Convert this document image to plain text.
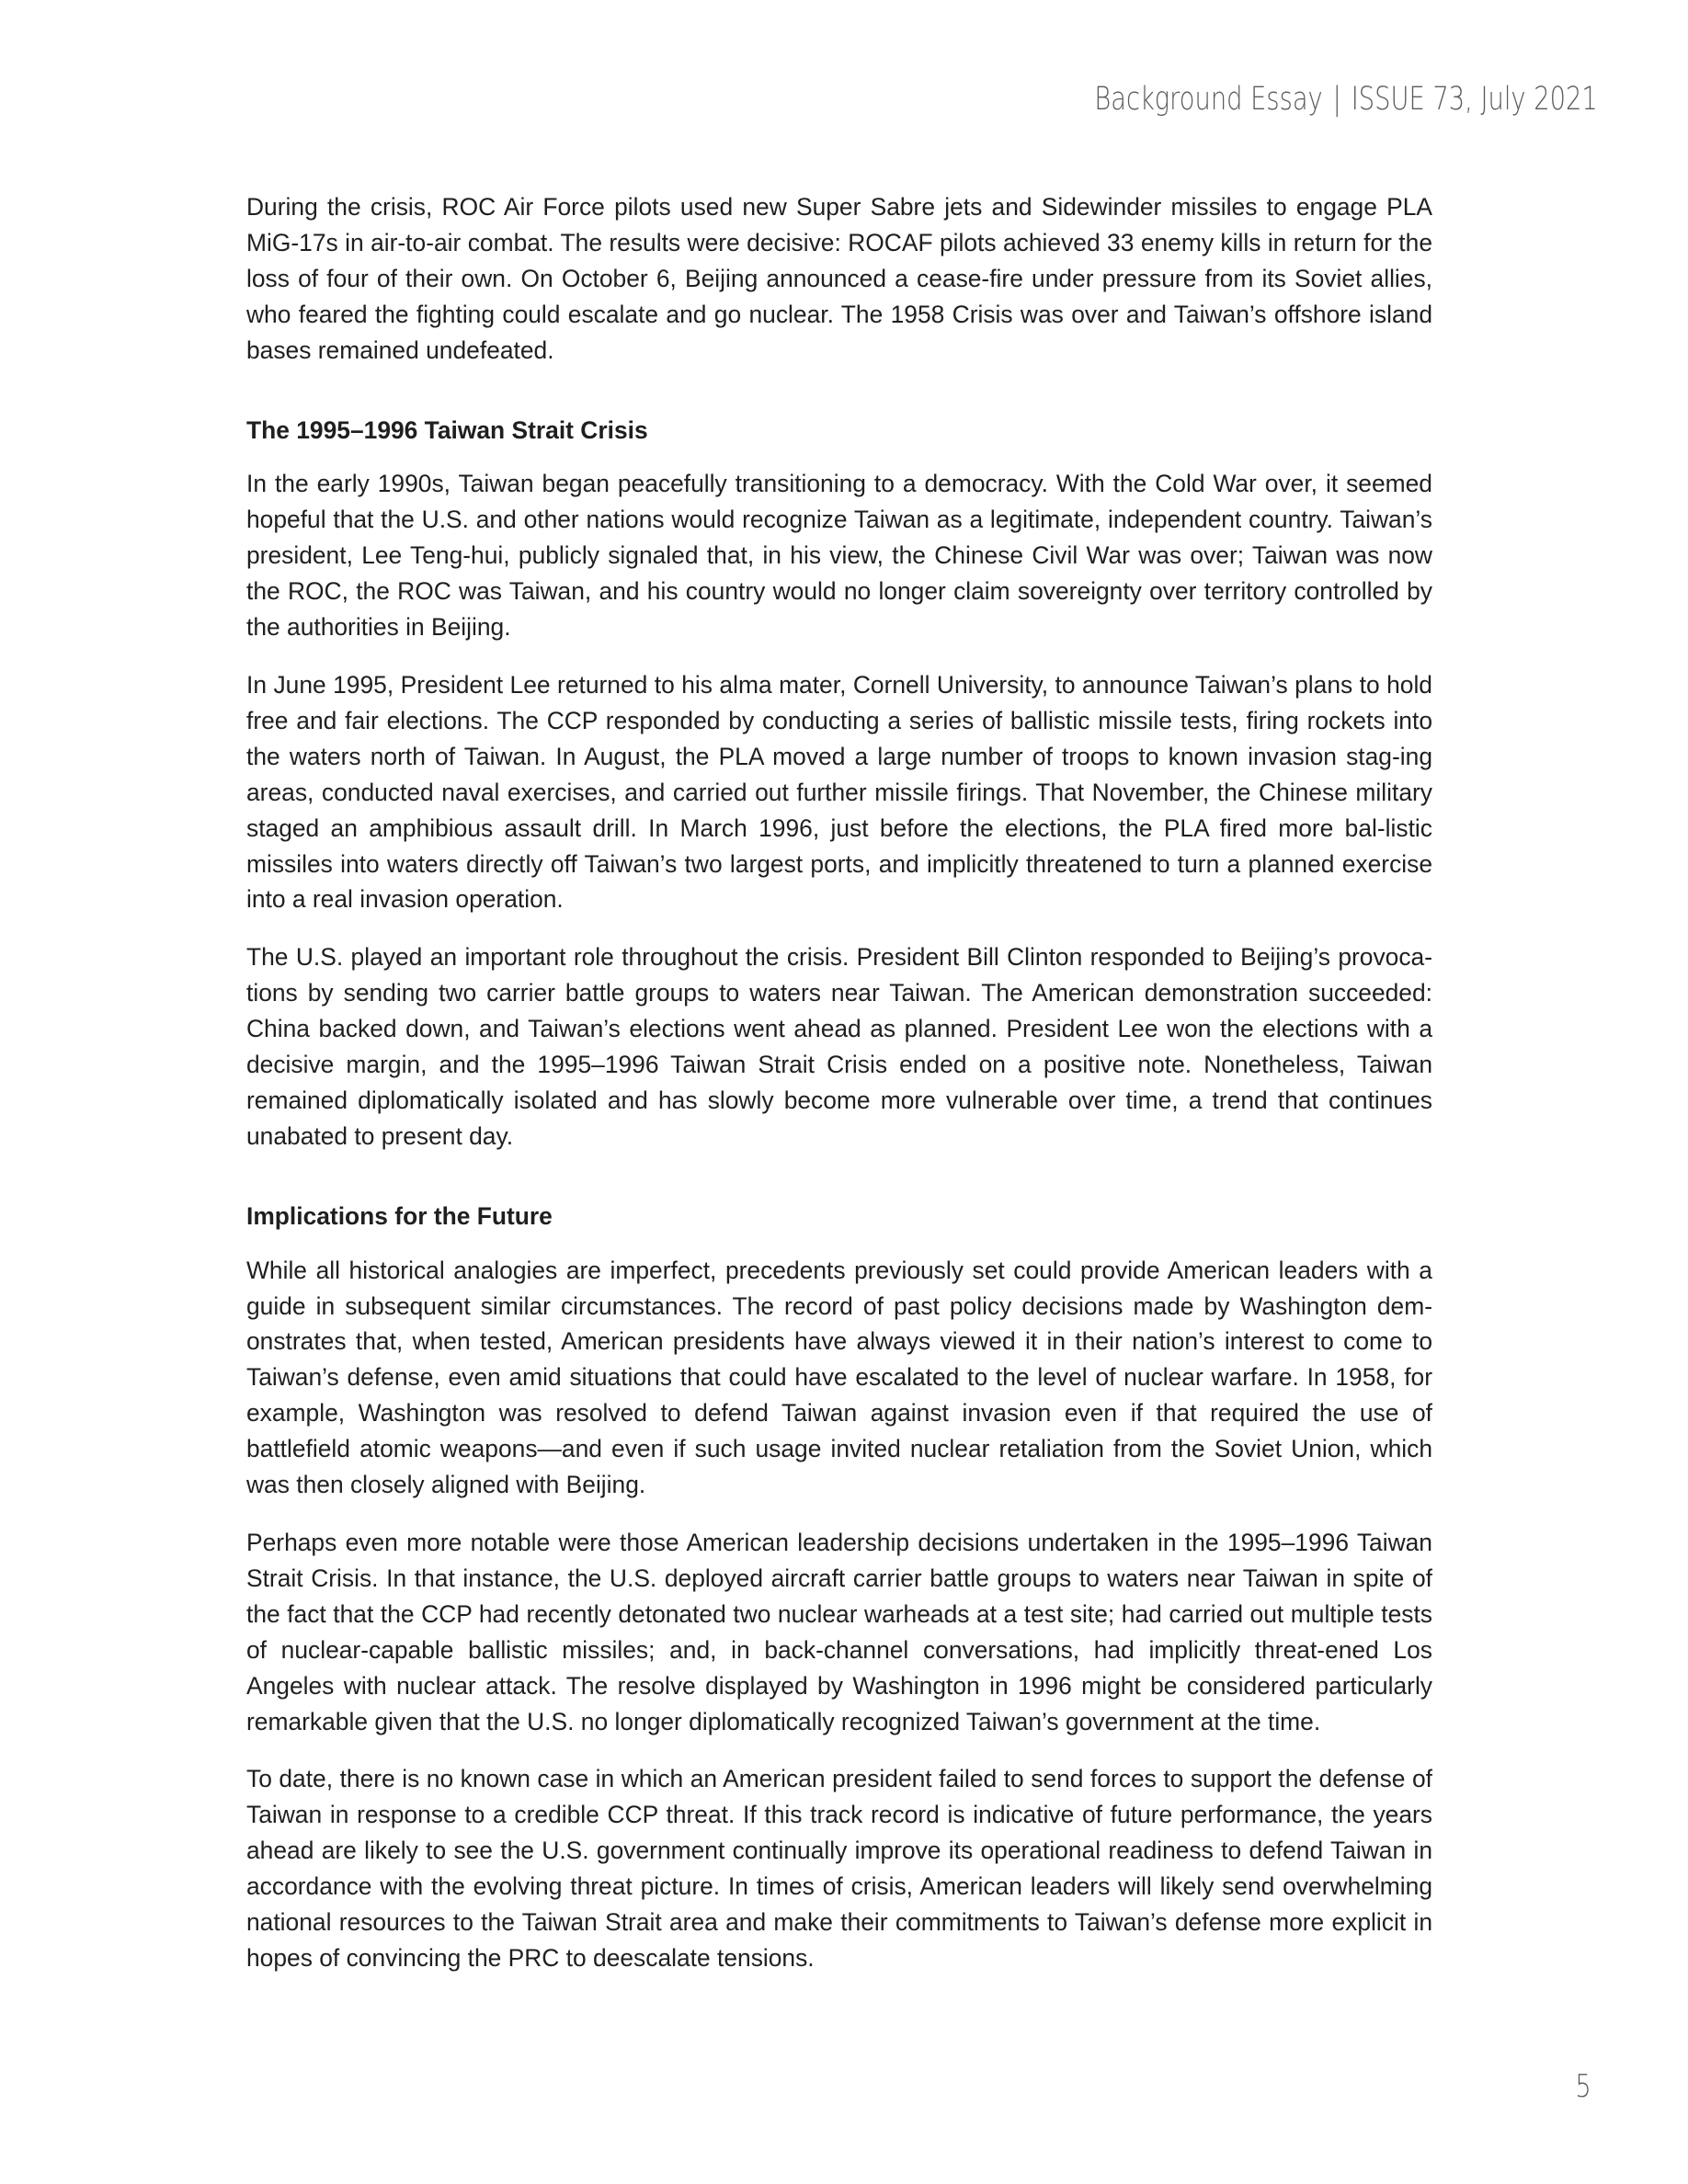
Background Essay | ISSUE 73, July 2021

During the crisis, ROC Air Force pilots used new Super Sabre jets and Sidewinder missiles to engage PLA MiG-17s in air-to-air combat. The results were decisive: ROCAF pilots achieved 33 enemy kills in return for the loss of four of their own. On October 6, Beijing announced a cease-fire under pressure from its Soviet allies, who feared the fighting could escalate and go nuclear. The 1958 Crisis was over and Taiwan’s offshore island bases remained undefeated.

The 1995–1996 Taiwan Strait Crisis

In the early 1990s, Taiwan began peacefully transitioning to a democracy. With the Cold War over, it seemed hopeful that the U.S. and other nations would recognize Taiwan as a legitimate, independent country. Taiwan’s president, Lee Teng-hui, publicly signaled that, in his view, the Chinese Civil War was over; Taiwan was now the ROC, the ROC was Taiwan, and his country would no longer claim sovereignty over territory controlled by the authorities in Beijing.

In June 1995, President Lee returned to his alma mater, Cornell University, to announce Taiwan’s plans to hold free and fair elections. The CCP responded by conducting a series of ballistic missile tests, firing rockets into the waters north of Taiwan. In August, the PLA moved a large number of troops to known invasion stag-ing areas, conducted naval exercises, and carried out further missile firings. That November, the Chinese military staged an amphibious assault drill. In March 1996, just before the elections, the PLA fired more bal-listic missiles into waters directly off Taiwan’s two largest ports, and implicitly threatened to turn a planned exercise into a real invasion operation.

The U.S. played an important role throughout the crisis. President Bill Clinton responded to Beijing’s provoca-tions by sending two carrier battle groups to waters near Taiwan. The American demonstration succeeded: China backed down, and Taiwan’s elections went ahead as planned. President Lee won the elections with a decisive margin, and the 1995–1996 Taiwan Strait Crisis ended on a positive note. Nonetheless, Taiwan remained diplomatically isolated and has slowly become more vulnerable over time, a trend that continues unabated to present day.

Implications for the Future

While all historical analogies are imperfect, precedents previously set could provide American leaders with a guide in subsequent similar circumstances. The record of past policy decisions made by Washington dem-onstrates that, when tested, American presidents have always viewed it in their nation’s interest to come to Taiwan’s defense, even amid situations that could have escalated to the level of nuclear warfare. In 1958, for example, Washington was resolved to defend Taiwan against invasion even if that required the use of battlefield atomic weapons—and even if such usage invited nuclear retaliation from the Soviet Union, which was then closely aligned with Beijing.

Perhaps even more notable were those American leadership decisions undertaken in the 1995–1996 Taiwan Strait Crisis. In that instance, the U.S. deployed aircraft carrier battle groups to waters near Taiwan in spite of the fact that the CCP had recently detonated two nuclear warheads at a test site; had carried out multiple tests of nuclear-capable ballistic missiles; and, in back-channel conversations, had implicitly threat-ened Los Angeles with nuclear attack. The resolve displayed by Washington in 1996 might be considered particularly remarkable given that the U.S. no longer diplomatically recognized Taiwan’s government at the time.

To date, there is no known case in which an American president failed to send forces to support the defense of Taiwan in response to a credible CCP threat. If this track record is indicative of future performance, the years ahead are likely to see the U.S. government continually improve its operational readiness to defend Taiwan in accordance with the evolving threat picture. In times of crisis, American leaders will likely send overwhelming national resources to the Taiwan Strait area and make their commitments to Taiwan’s defense more explicit in hopes of convincing the PRC to deescalate tensions.

5
